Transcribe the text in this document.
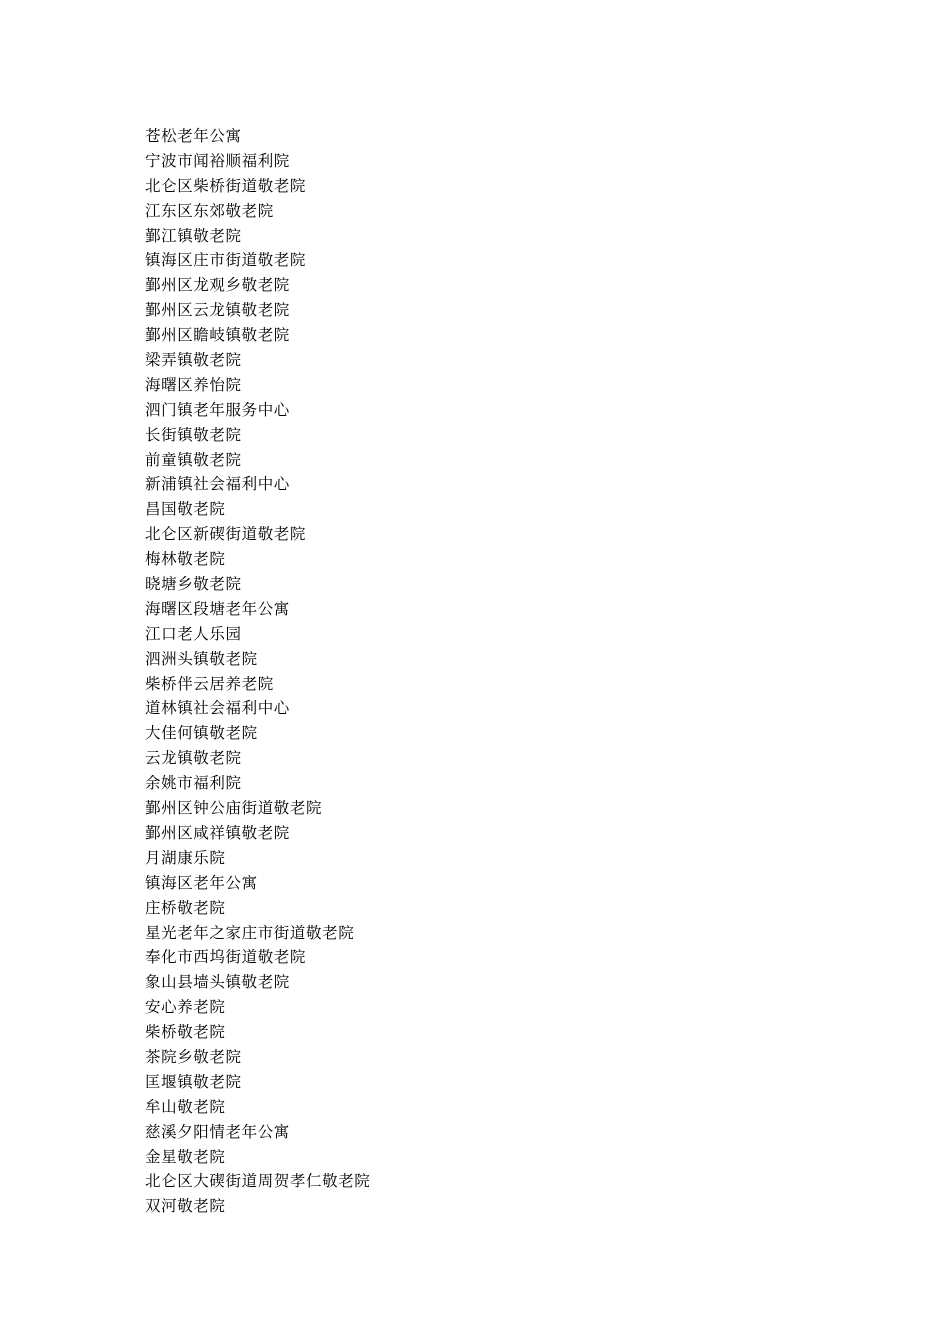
苍松老年公寓
宁波市闻裕顺福利院
北仑区柴桥街道敬老院
江东区东郊敬老院
鄞江镇敬老院
镇海区庄市街道敬老院
鄞州区龙观乡敬老院
鄞州区云龙镇敬老院
鄞州区瞻岐镇敬老院
梁弄镇敬老院
海曙区养怡院
泗门镇老年服务中心
长街镇敬老院
前童镇敬老院
新浦镇社会福利中心
昌国敬老院
北仑区新碶街道敬老院
梅林敬老院
晓塘乡敬老院
海曙区段塘老年公寓
江口老人乐园
泗洲头镇敬老院
柴桥伴云居养老院
道林镇社会福利中心
大佳何镇敬老院
云龙镇敬老院
余姚市福利院
鄞州区钟公庙街道敬老院
鄞州区咸祥镇敬老院
月湖康乐院
镇海区老年公寓
庄桥敬老院
星光老年之家庄市街道敬老院
奉化市西坞街道敬老院
象山县墙头镇敬老院
安心养老院
柴桥敬老院
茶院乡敬老院
匡堰镇敬老院
牟山敬老院
慈溪夕阳情老年公寓
金星敬老院
北仑区大碶街道周贺孝仁敬老院
双河敬老院
